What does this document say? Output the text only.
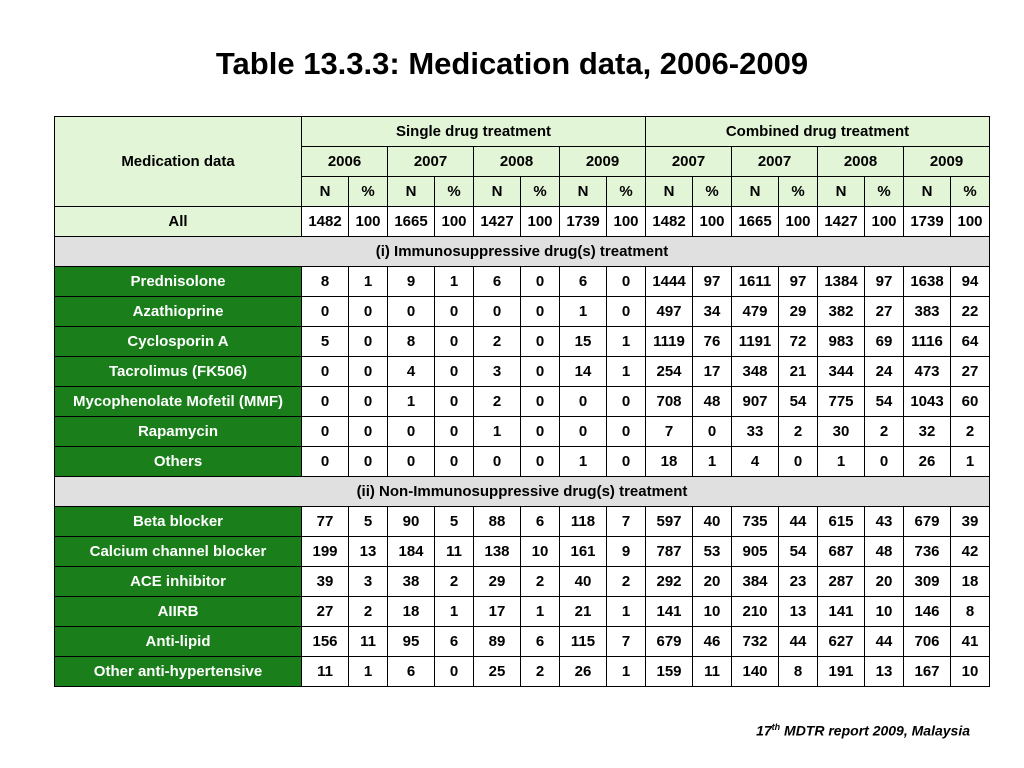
Table 13.3.3: Medication data, 2006-2009
Medication data	Single drug treatment								Combined drug treatment							
	2006		2007		2008		2009		2007		2007		2008		2009	
	N	%	N	%	N	%	N	%	N	%	N	%	N	%	N	%
All	1482	100	1665	100	1427	100	1739	100	1482	100	1665	100	1427	100	1739	100
(i) Immunosuppressive drug(s) treatment																
Prednisolone	8	1	9	1	6	0	6	0	1444	97	1611	97	1384	97	1638	94
Azathioprine	0	0	0	0	0	0	1	0	497	34	479	29	382	27	383	22
Cyclosporin A	5	0	8	0	2	0	15	1	1119	76	1191	72	983	69	1116	64
Tacrolimus (FK506)	0	0	4	0	3	0	14	1	254	17	348	21	344	24	473	27
Mycophenolate Mofetil (MMF)	0	0	1	0	2	0	0	0	708	48	907	54	775	54	1043	60
Rapamycin	0	0	0	0	1	0	0	0	7	0	33	2	30	2	32	2
Others	0	0	0	0	0	0	1	0	18	1	4	0	1	0	26	1
(ii) Non-Immunosuppressive drug(s) treatment																
Beta blocker	77	5	90	5	88	6	118	7	597	40	735	44	615	43	679	39
Calcium channel blocker	199	13	184	11	138	10	161	9	787	53	905	54	687	48	736	42
ACE inhibitor	39	3	38	2	29	2	40	2	292	20	384	23	287	20	309	18
AIIRB	27	2	18	1	17	1	21	1	141	10	210	13	141	10	146	8
Anti-lipid	156	11	95	6	89	6	115	7	679	46	732	44	627	44	706	41
Other anti-hypertensive	11	1	6	0	25	2	26	1	159	11	140	8	191	13	167	10
17th MDTR report 2009, Malaysia
